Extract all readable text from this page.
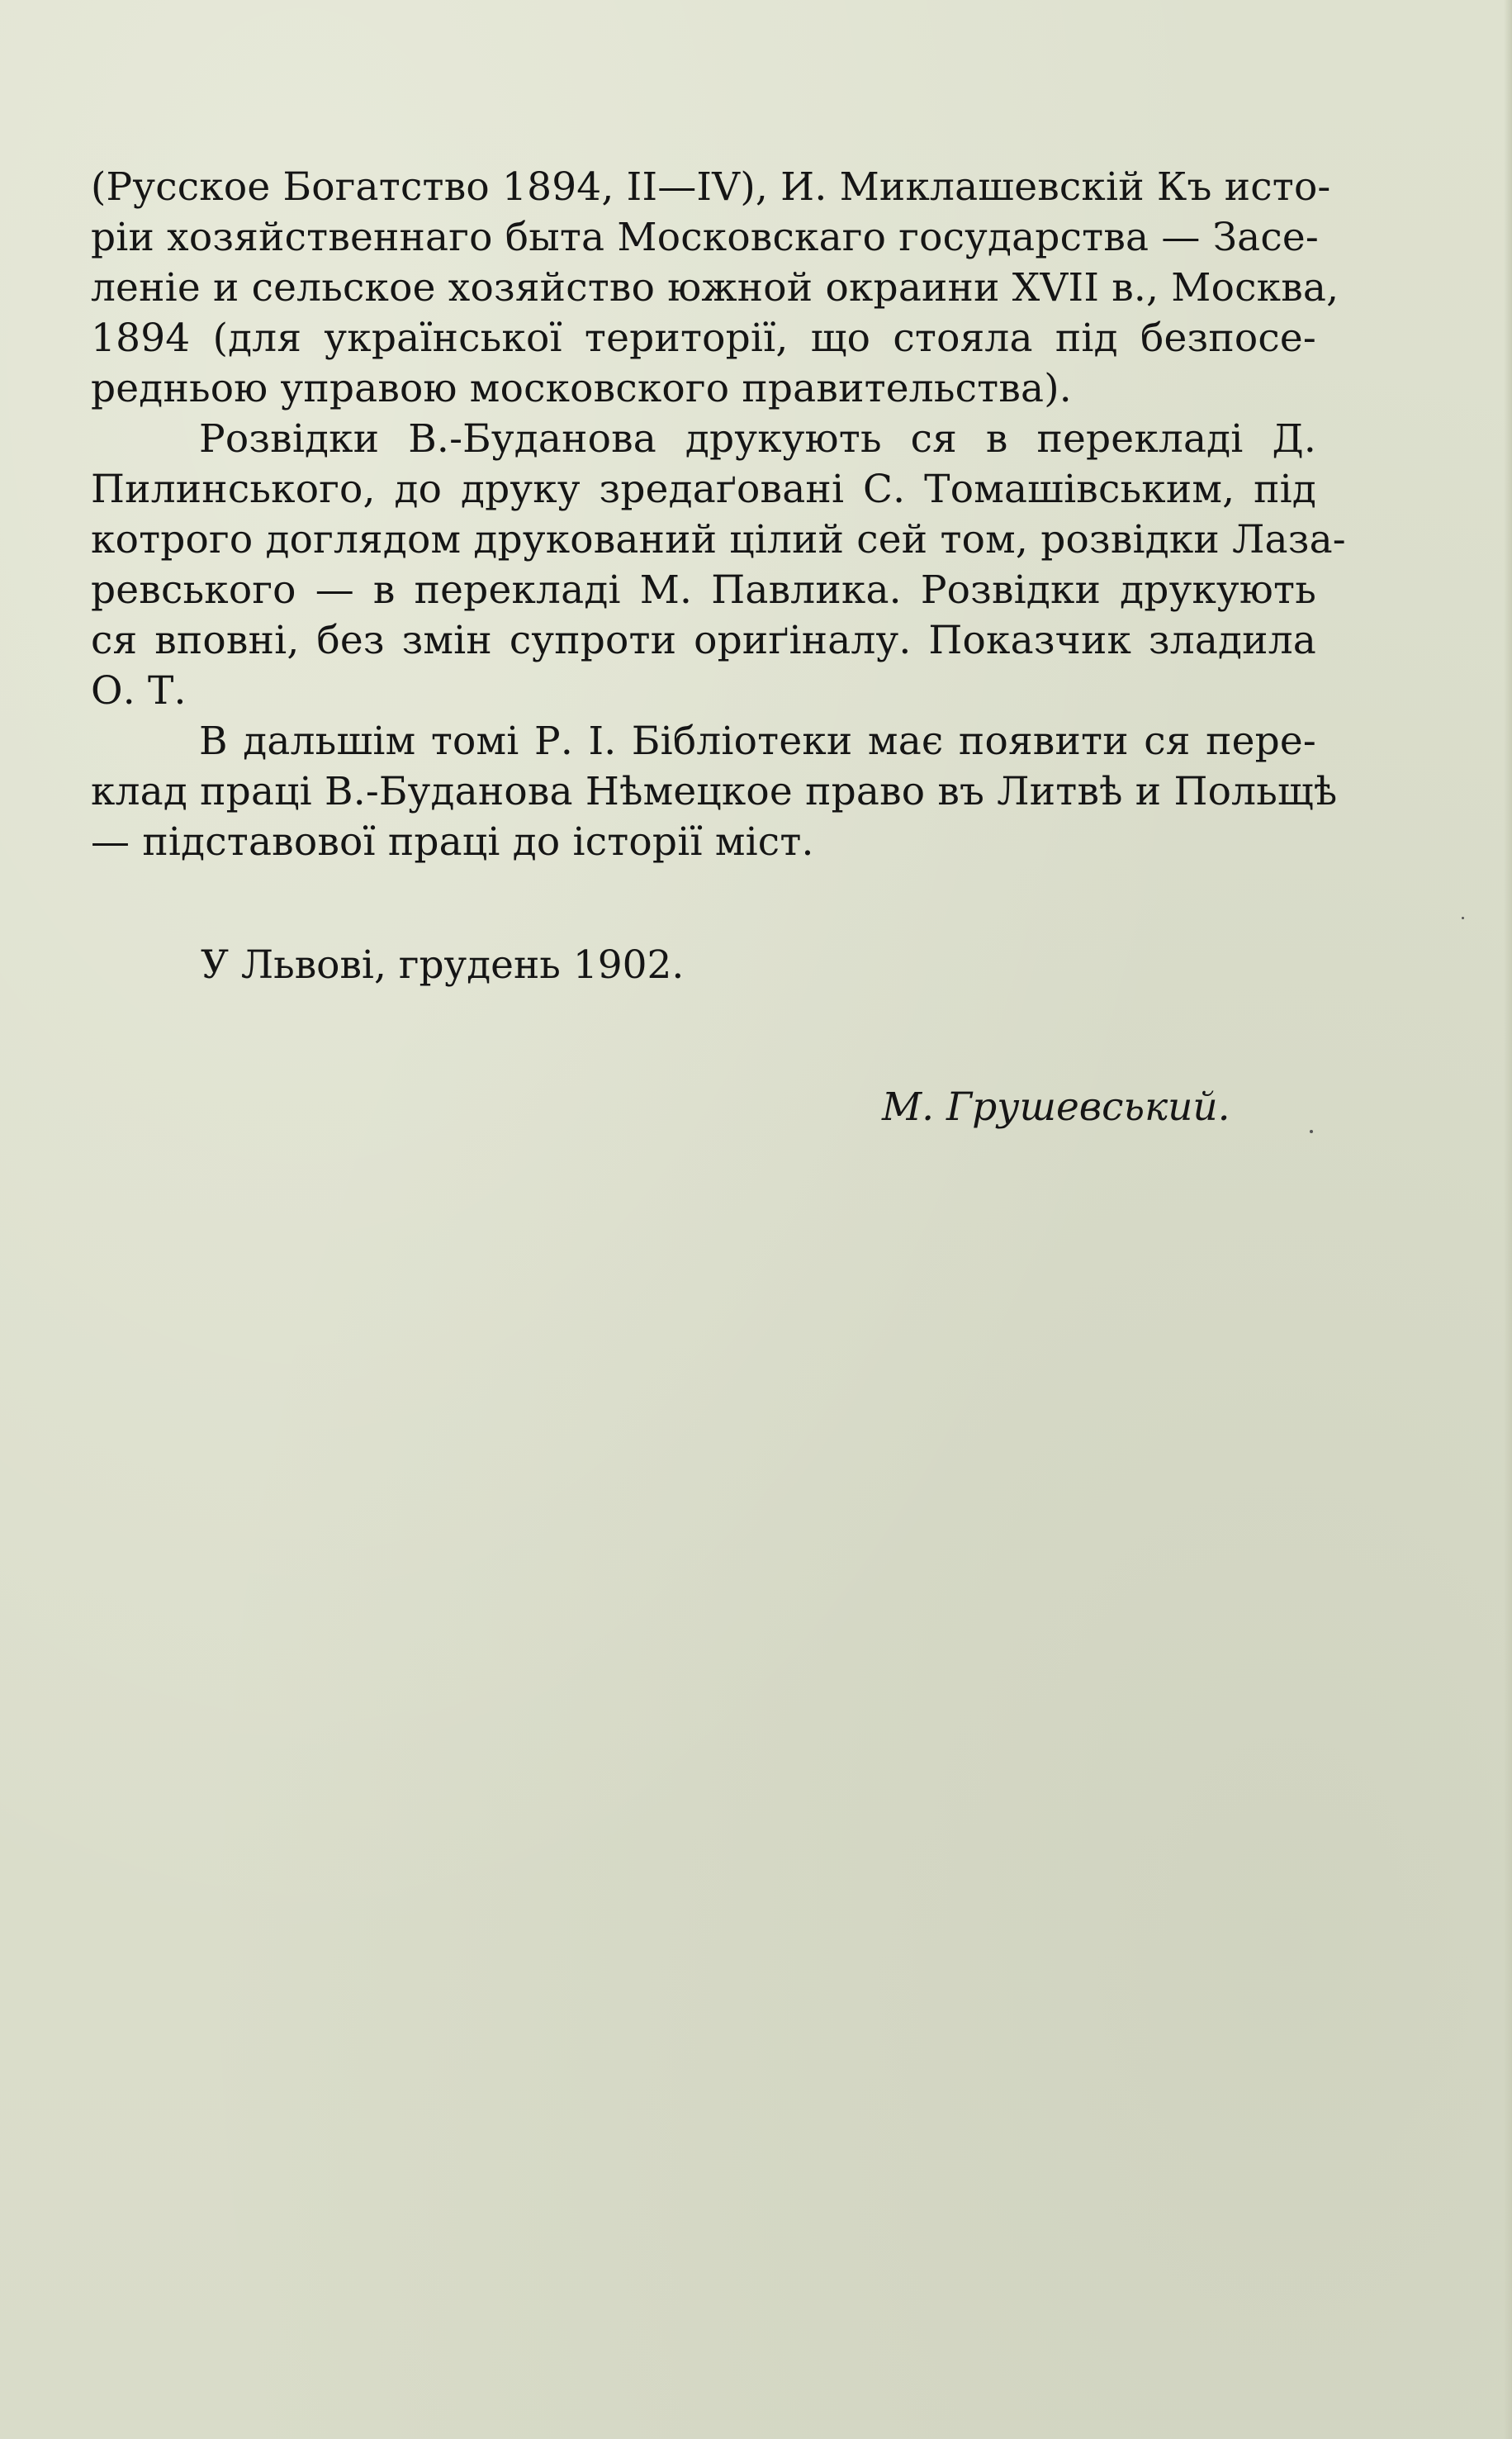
(Русское Богатство 1894, II—IV), И. Миклашевскій Къ исто-
ріи хозяйственнаго быта Московскаго государства — Засе-
леніе и сельское хозяйство южной окраини XVII в., Москва,
1894 (для української території, що стояла під безпосе-
редньою управою московского правительства).
Розвідки В.-Буданова друкують ся в перекладі Д.
Пилинського, до друку зредаґовані С. Томашівським, під
котрого доглядом друкований цілий сей том, розвідки Лаза-
ревського — в перекладі М. Павлика. Розвідки друкують
ся вповні, без змін супроти ориґіналу. Показчик зладила
О. Т.
В дальшім томі Р. І. Бібліотеки має появити ся пере-
клад праці В.-Буданова Нѣмецкое право въ Литвѣ и Польщѣ
— підставової праці до історії міст.
У Львові, грудень 1902.
М. Грушевський.
